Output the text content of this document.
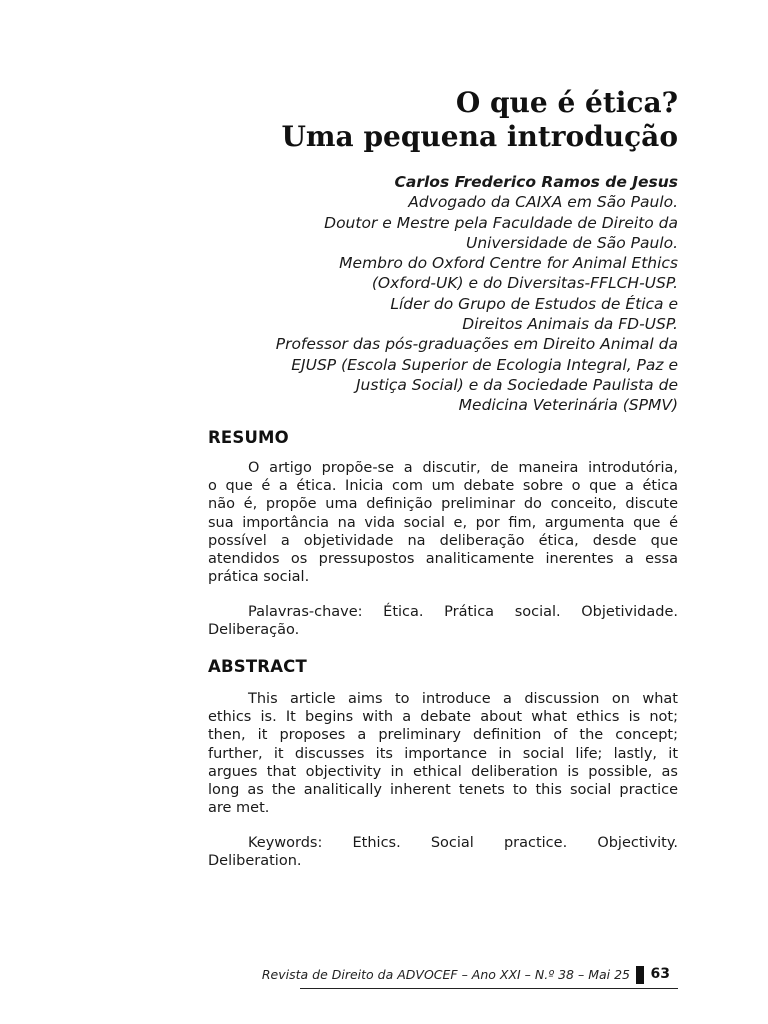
O que é ética?
Uma pequena introdução
Carlos Frederico Ramos de Jesus
Advogado da CAIXA em São Paulo.
Doutor e Mestre pela Faculdade de Direito da
Universidade de São Paulo.
Membro do Oxford Centre for Animal Ethics
(Oxford-UK) e do Diversitas-FFLCH-USP.
Líder do Grupo de Estudos de Ética e
Direitos Animais da FD-USP.
Professor das pós-graduações em Direito Animal da
EJUSP (Escola Superior de Ecologia Integral, Paz e
Justiça Social) e da Sociedade Paulista de
Medicina Veterinária (SPMV)
RESUMO
O artigo propõe-se a discutir, de maneira introdutória,
o que é a ética. Inicia com um debate sobre o que a ética
não é, propõe uma definição preliminar do conceito, discute
sua importância na vida social e, por fim, argumenta que é
possível a objetividade na deliberação ética, desde que
atendidos os pressupostos analiticamente inerentes a essa
prática social.
Palavras-chave: Ética. Prática social. Objetividade.
Deliberação.
ABSTRACT
This article aims to introduce a discussion on what
ethics is. It begins with a debate about what ethics is not;
then, it proposes a preliminary definition of the concept;
further, it discusses its importance in social life; lastly, it
argues that objectivity in ethical deliberation is possible, as
long as the analitically inherent tenets to this social practice
are met.
Keywords: Ethics. Social practice. Objectivity.
Deliberation.
Revista de Direito da ADVOCEF – Ano XXI – N.º 38 – Mai 25 63
